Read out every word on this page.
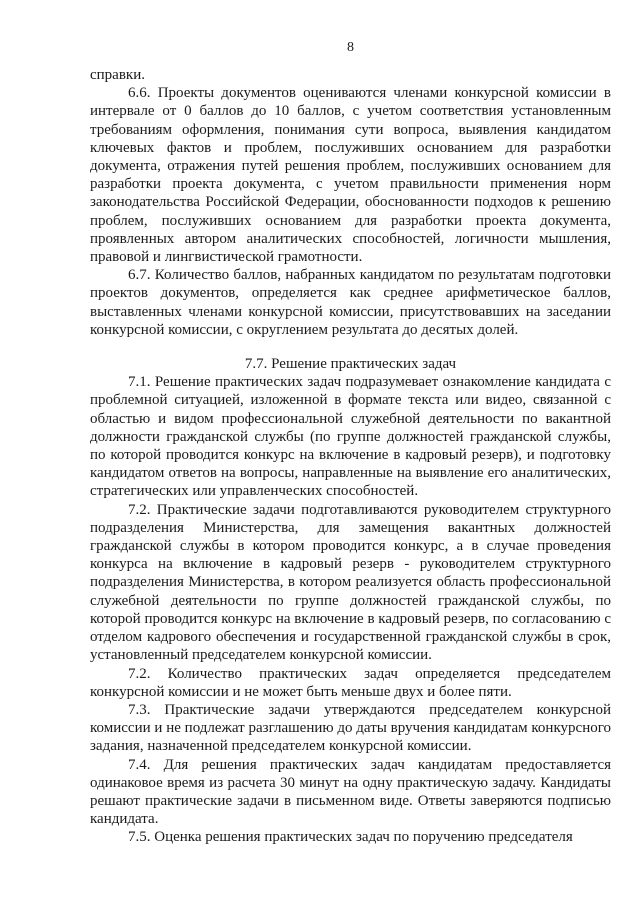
8

справки.

6.6. Проекты документов оцениваются членами конкурсной комиссии в интервале от 0 баллов до 10 баллов, с учетом соответствия установленным требованиям оформления, понимания сути вопроса, выявления кандидатом ключевых фактов и проблем, послуживших основанием для разработки документа, отражения путей решения проблем, послуживших основанием для разработки проекта документа, с учетом правильности применения норм законодательства Российской Федерации, обоснованности подходов к решению проблем, послуживших основанием для разработки проекта документа, проявленных автором аналитических способностей, логичности мышления, правовой и лингвистической грамотности.

6.7. Количество баллов, набранных кандидатом по результатам подготовки проектов документов, определяется как среднее арифметическое баллов, выставленных членами конкурсной комиссии, присутствовавших на заседании конкурсной комиссии, с округлением результата до десятых долей.

7.7. Решение практических задач

7.1. Решение практических задач подразумевает ознакомление кандидата с проблемной ситуацией, изложенной в формате текста или видео, связанной с областью и видом профессиональной служебной деятельности по вакантной должности гражданской службы (по группе должностей гражданской службы, по которой проводится конкурс на включение в кадровый резерв), и подготовку кандидатом ответов на вопросы, направленные на выявление его аналитических, стратегических или управленческих способностей.

7.2. Практические задачи подготавливаются руководителем структурного подразделения Министерства, для замещения вакантных должностей гражданской службы в котором проводится конкурс, а в случае проведения конкурса на включение в кадровый резерв - руководителем структурного подразделения Министерства, в котором реализуется область профессиональной служебной деятельности по группе должностей гражданской службы, по которой проводится конкурс на включение в кадровый резерв, по согласованию с отделом кадрового обеспечения и государственной гражданской службы в срок, установленный председателем конкурсной комиссии.

7.2. Количество практических задач определяется председателем конкурсной комиссии и не может быть меньше двух и более пяти.

7.3. Практические задачи утверждаются председателем конкурсной комиссии и не подлежат разглашению до даты вручения кандидатам конкурсного задания, назначенной председателем конкурсной комиссии.

7.4. Для решения практических задач кандидатам предоставляется одинаковое время из расчета 30 минут на одну практическую задачу. Кандидаты решают практические задачи в письменном виде. Ответы заверяются подписью кандидата.

7.5. Оценка решения практических задач по поручению председателя
